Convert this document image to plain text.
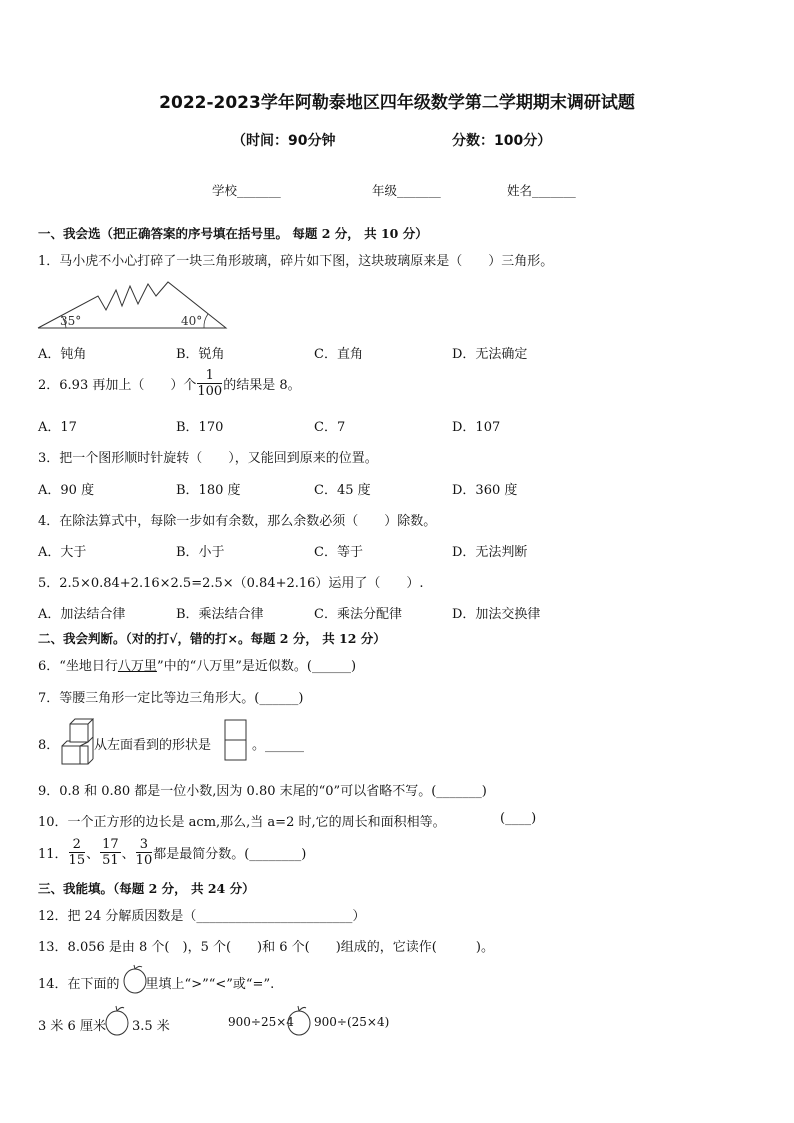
2022-2023学年阿勒泰地区四年级数学第二学期期末调研试题
（时间：90分钟	分数：100分）
学校_______	年级_______	姓名_______
一、我会选（把正确答案的序号填在括号里。 每题 2 分， 共 10 分）
1．马小虎不小心打碎了一块三角形玻璃，碎片如下图，这块玻璃原来是（　　）三角形。
35°	40°
A．钝角	B．锐角	C．直角	D．无法确定
2．6.93 再加上（　　）个 $\frac{1}{100}$ 的结果是 8。
A．17	B．170	C．7	D．107
3．把一个图形顺时针旋转（　　），又能回到原来的位置。
A．90 度	B．180 度	C．45 度	D．360 度
4．在除法算式中，每除一步如有余数，那么余数必须（　　）除数。
A．大于	B．小于	C．等于	D．无法判断
5．2.5×0.84+2.16×2.5=2.5×（0.84+2.16）运用了（　　）.
A．加法结合律	B．乘法结合律	C．乘法分配律	D．加法交换律
二、我会判断。（对的打√，错的打×。每题 2 分， 共 12 分）
6．“坐地日行八万里”中的“八万里”是近似数。(______)
7．等腰三角形一定比等边三角形大。(______)
8．	从左面看到的形状是	。______
9．0.8 和 0.80 都是一位小数,因为 0.80 末尾的“0”可以省略不写。(_______)
10．一个正方形的边长是 acm,那么,当 a=2 时,它的周长和面积相等。	(____)
11． $\frac{2}{15}$ 、 $\frac{17}{51}$ 、 $\frac{3}{10}$ 都是最简分数。(________)
三、我能填。（每题 2 分， 共 24 分）
12．把 24 分解质因数是（________________________）
13．8.056 是由 8 个(　)，5 个(　　)和 6 个(　　)组成的，它读作(　　　)。
14．在下面的 里填上“>”“<”或“=”.
3 米 6 厘米 3.5 米	900÷25×4 900÷(25×4)
